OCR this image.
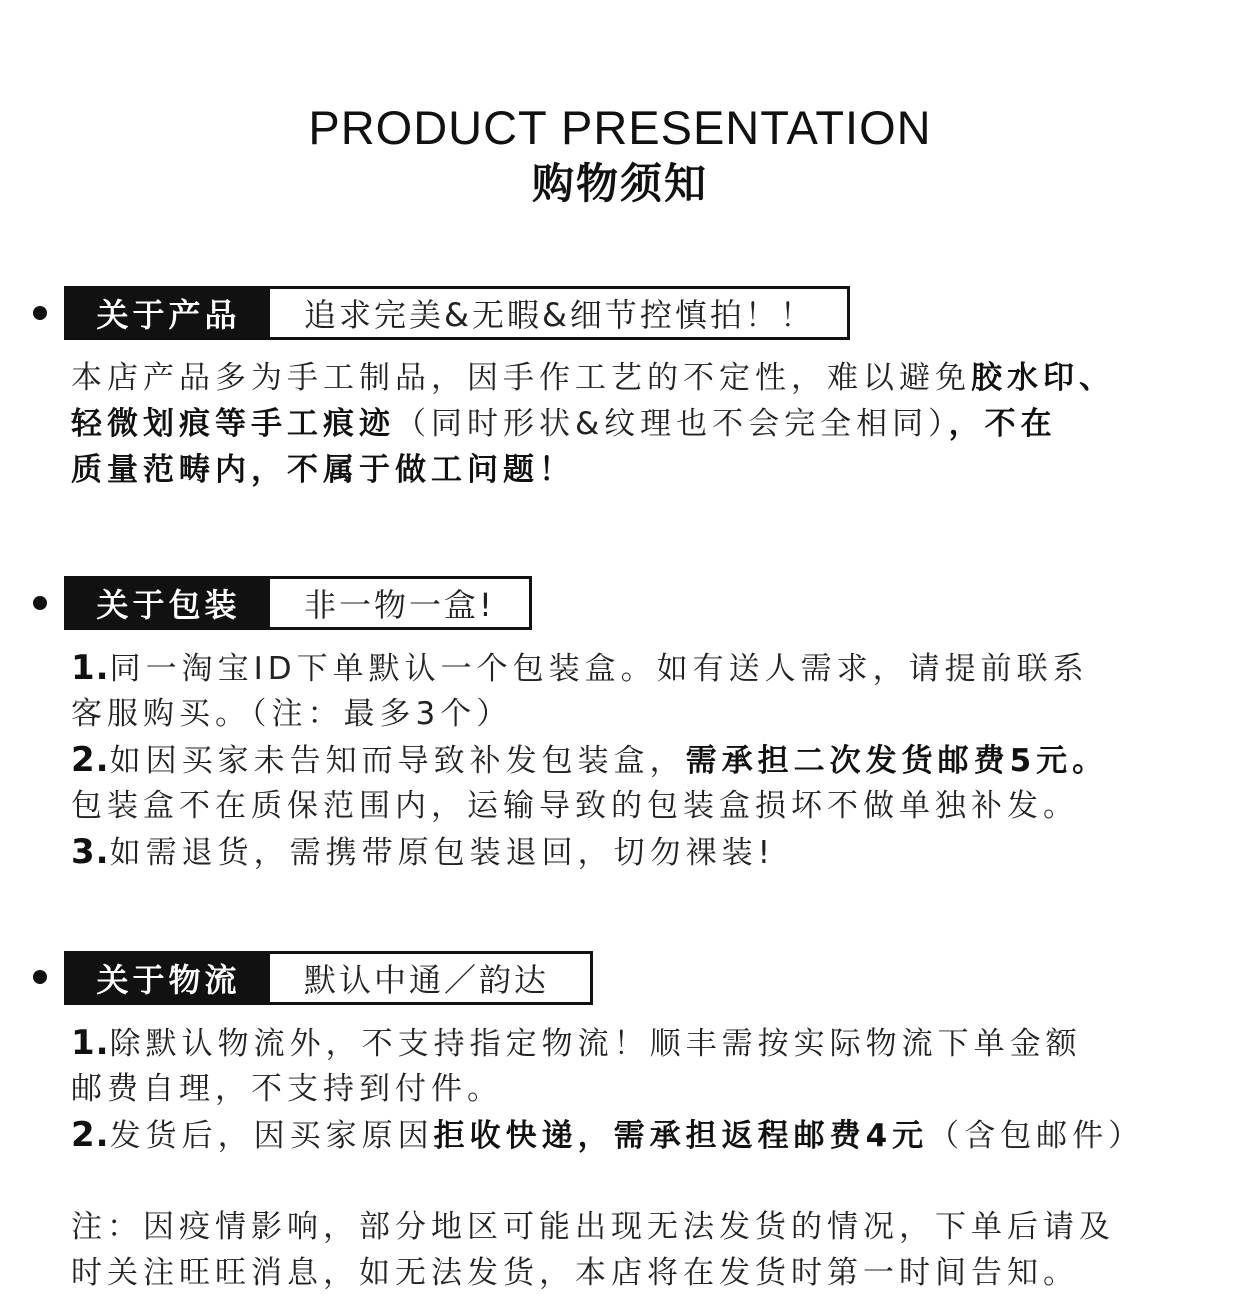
PRODUCT PRESENTATION
购物须知
关于产品	追求完美&无暇&细节控慎拍！！
本店产品多为手工制品，因手作工艺的不定性，难以避免胶水印、
轻微划痕等手工痕迹（同时形状&纹理也不会完全相同），不在
质量范畴内，不属于做工问题！
关于包装	非一物一盒!
1.同一淘宝ID下单默认一个包装盒。如有送人需求，请提前联系
客服购买。（注：最多3个）
2.如因买家未告知而导致补发包装盒，需承担二次发货邮费5元。
包装盒不在质保范围内，运输导致的包装盒损坏不做单独补发。
3.如需退货，需携带原包装退回，切勿裸装!
关于物流	默认中通／韵达
1.除默认物流外，不支持指定物流！顺丰需按实际物流下单金额
邮费自理，不支持到付件。
2.发货后，因买家原因拒收快递，需承担返程邮费4元（含包邮件）
注：因疫情影响，部分地区可能出现无法发货的情况，下单后请及
时关注旺旺消息，如无法发货，本店将在发货时第一时间告知。
